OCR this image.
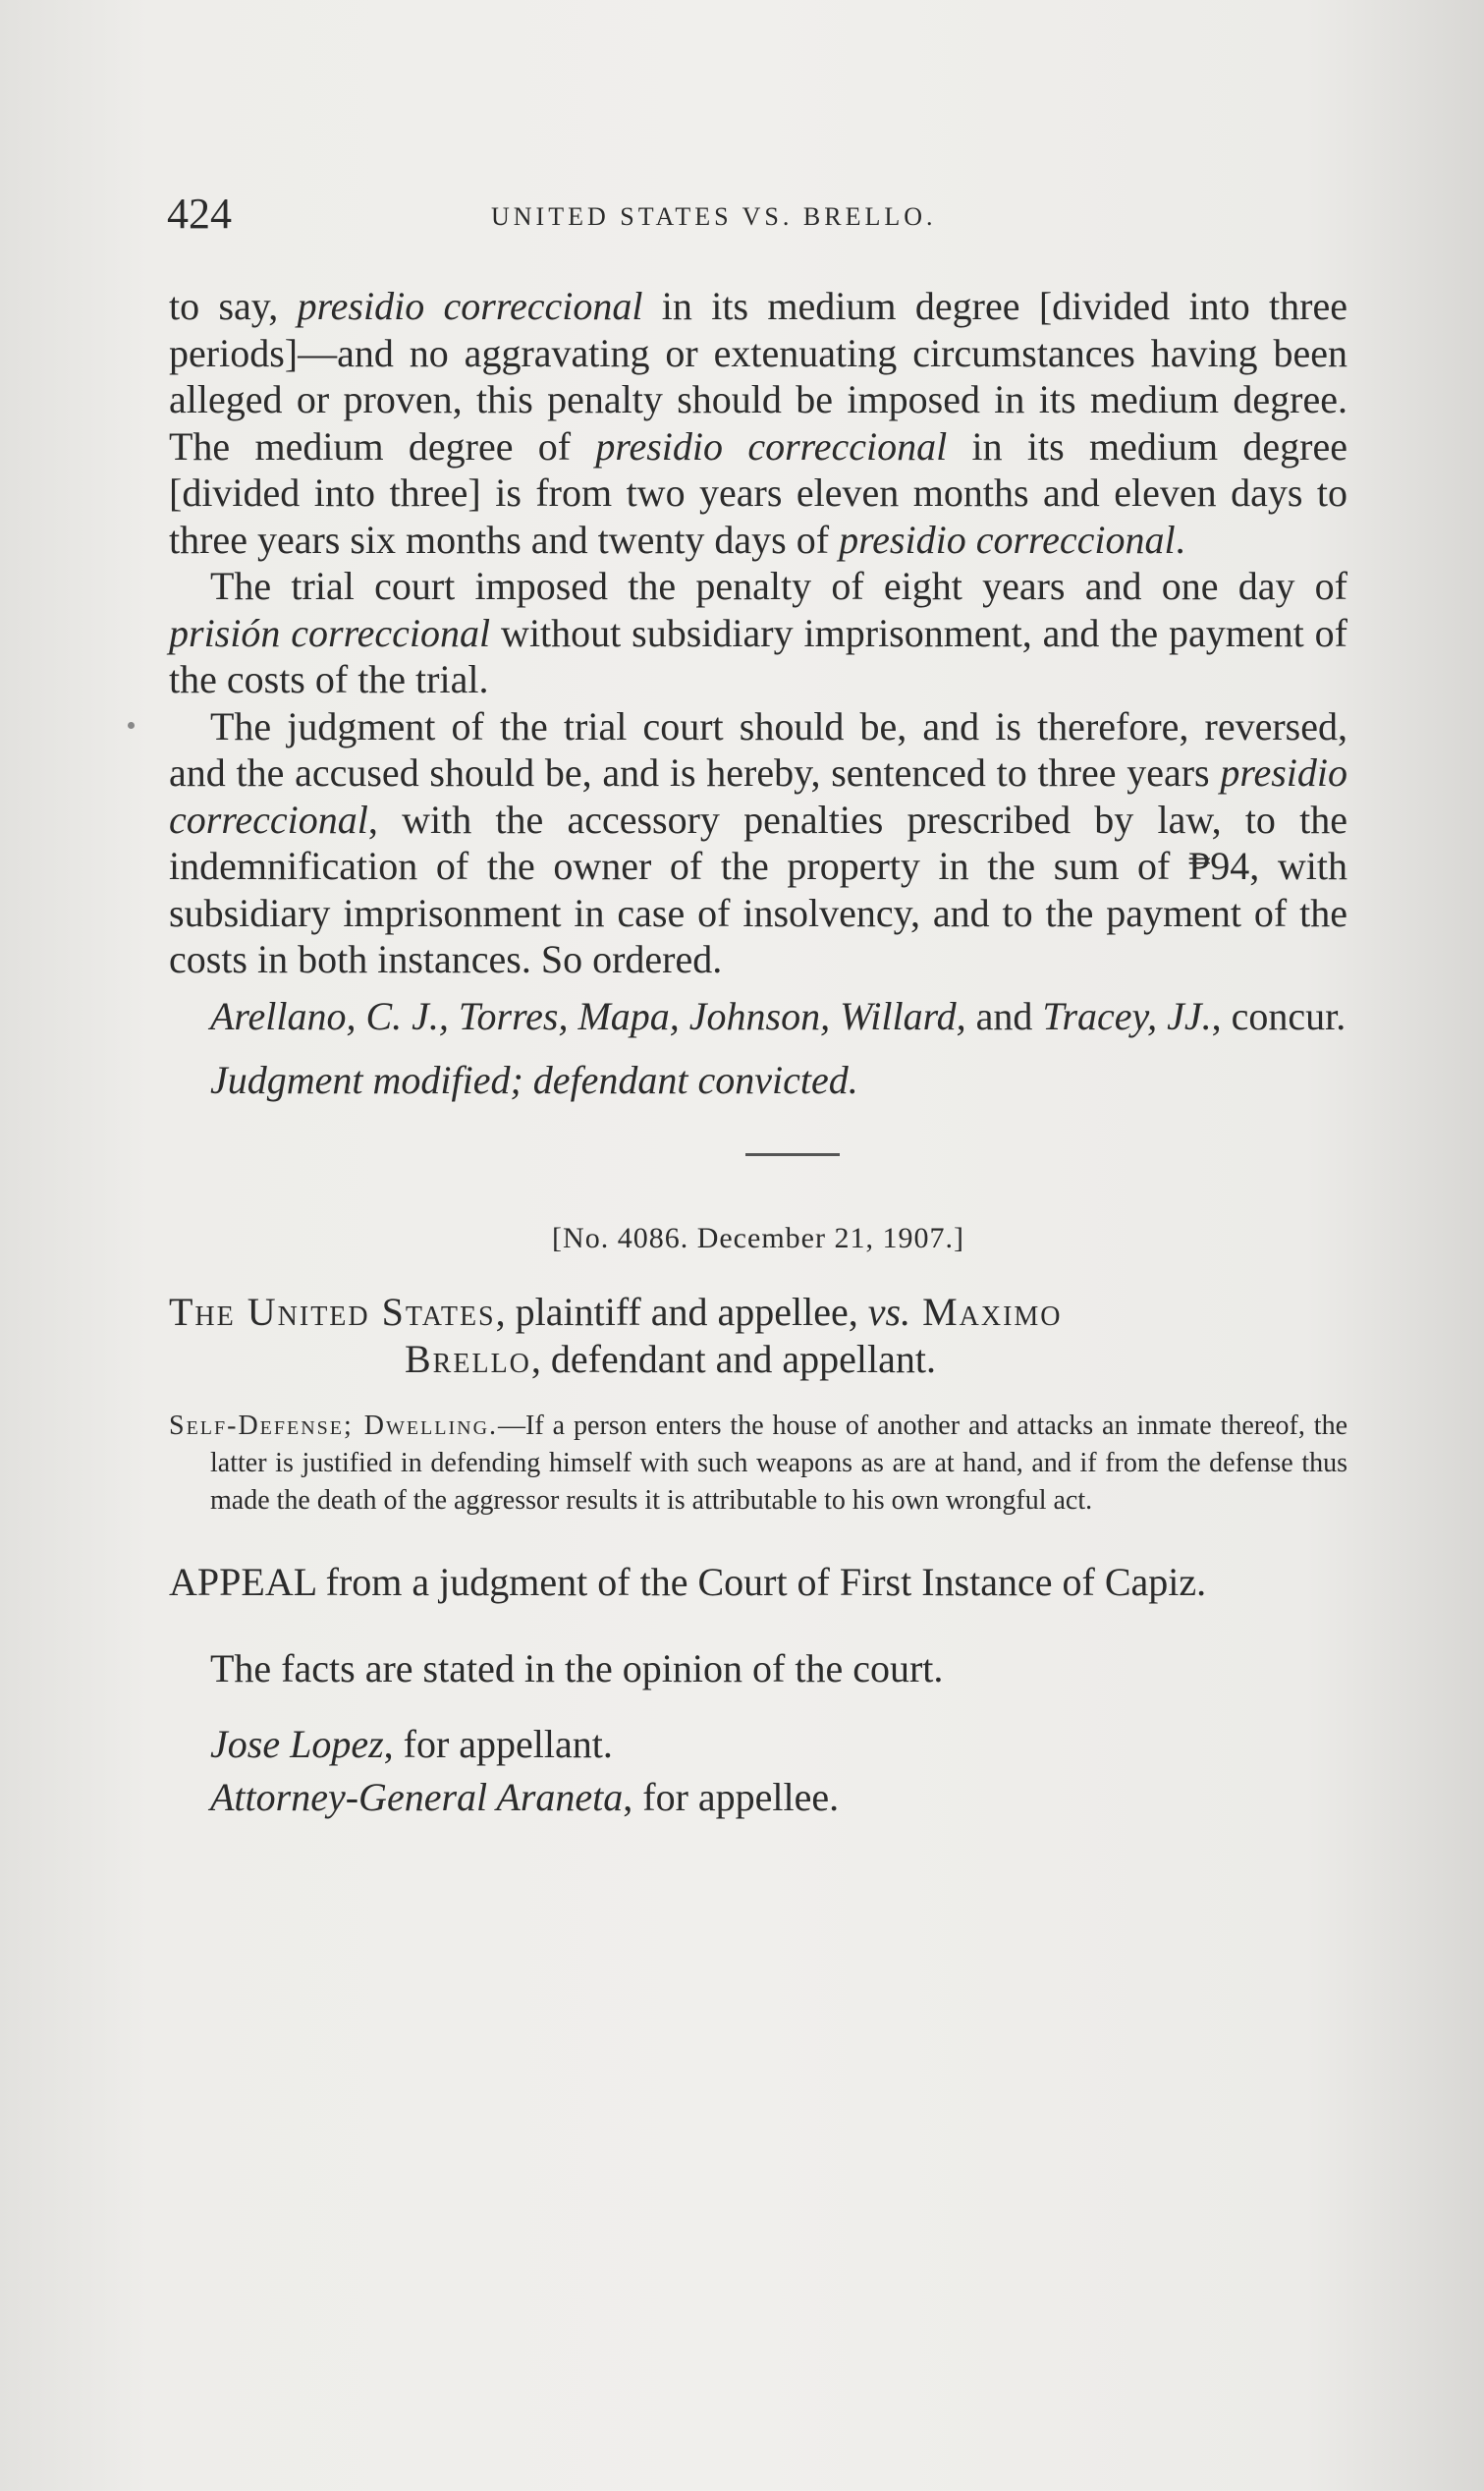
424	UNITED STATES VS. BRELLO.

to say, presidio correccional in its medium degree [divided into three periods]—and no aggravating or extenuating circumstances having been alleged or proven, this penalty should be imposed in its medium degree. The medium degree of presidio correccional in its medium degree [divided into three] is from two years eleven months and eleven days to three years six months and twenty days of presidio correccional.

The trial court imposed the penalty of eight years and one day of prisión correccional without subsidiary imprisonment, and the payment of the costs of the trial.

The judgment of the trial court should be, and is therefore, reversed, and the accused should be, and is hereby, sentenced to three years presidio correccional, with the accessory penalties prescribed by law, to the indemnification of the owner of the property in the sum of ₱94, with subsidiary imprisonment in case of insolvency, and to the payment of the costs in both instances. So ordered.

Arellano, C. J., Torres, Mapa, Johnson, Willard, and Tracey, JJ., concur.

Judgment modified; defendant convicted.

[No. 4086. December 21, 1907.]

The United States, plaintiff and appellee, vs. Maximo
Brello, defendant and appellant.

Self-Defense; Dwelling.—If a person enters the house of another and attacks an inmate thereof, the latter is justified in defending himself with such weapons as are at hand, and if from the defense thus made the death of the aggressor results it is attributable to his own wrongful act.

APPEAL from a judgment of the Court of First Instance of Capiz.

The facts are stated in the opinion of the court.

Jose Lopez, for appellant.

Attorney-General Araneta, for appellee.
